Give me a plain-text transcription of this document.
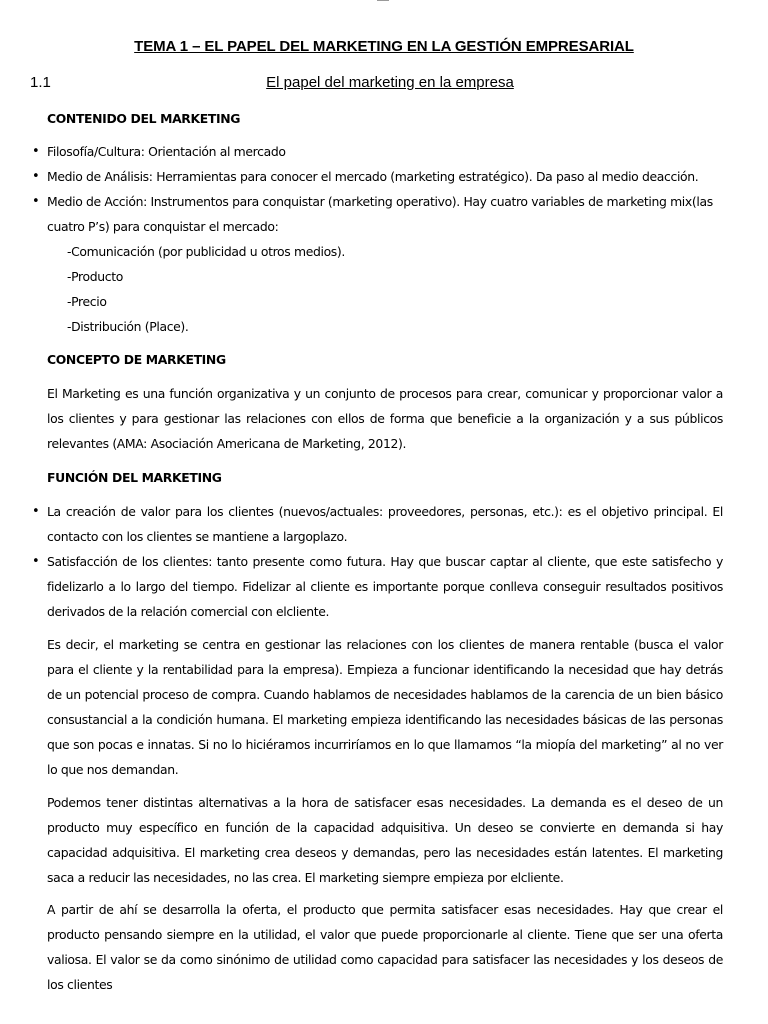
TEMA 1 – EL PAPEL DEL MARKETING EN LA GESTIÓN EMPRESARIAL
1.1	El papel del marketing en la empresa

CONTENIDO DEL MARKETING

• Filosofía/Cultura: Orientación al mercado
• Medio de Análisis: Herramientas para conocer el mercado (marketing estratégico). Da paso al medio deacción.
• Medio de Acción: Instrumentos para conquistar (marketing operativo). Hay cuatro variables de marketing mix(las cuatro P’s) para conquistar el mercado:

-Comunicación (por publicidad u otros medios).

-Producto

-Precio

-Distribución (Place).

CONCEPTO DE MARKETING

El Marketing es una función organizativa y un conjunto de procesos para crear, comunicar y proporcionar valor a los clientes y para gestionar las relaciones con ellos de forma que beneficie a la organización y a sus públicos relevantes (AMA: Asociación Americana de Marketing, 2012).

FUNCIÓN DEL MARKETING

• La creación de valor para los clientes (nuevos/actuales: proveedores, personas, etc.): es el objetivo principal. El contacto con los clientes se mantiene a largoplazo.
• Satisfacción de los clientes: tanto presente como futura. Hay que buscar captar al cliente, que este satisfecho y fidelizarlo a lo largo del tiempo. Fidelizar al cliente es importante porque conlleva conseguir resultados positivos derivados de la relación comercial con elcliente.

Es decir, el marketing se centra en gestionar las relaciones con los clientes de manera rentable (busca el valor para el cliente y la rentabilidad para la empresa). Empieza a funcionar identificando la necesidad que hay detrás de un potencial proceso de compra. Cuando hablamos de necesidades hablamos de la carencia de un bien básico consustancial a la condición humana. El marketing empieza identificando las necesidades básicas de las personas que son pocas e innatas. Si no lo hiciéramos incurriríamos en lo que llamamos “la miopía del marketing” al no ver lo que nos demandan.

Podemos tener distintas alternativas a la hora de satisfacer esas necesidades. La demanda es el deseo de un producto muy específico en función de la capacidad adquisitiva. Un deseo se convierte en demanda si hay capacidad adquisitiva. El marketing crea deseos y demandas, pero las necesidades están latentes. El marketing saca a reducir las necesidades, no las crea. El marketing siempre empieza por elcliente.

A partir de ahí se desarrolla la oferta, el producto que permita satisfacer esas necesidades. Hay que crear el producto pensando siempre en la utilidad, el valor que puede proporcionarle al cliente. Tiene que ser una oferta valiosa. El valor se da como sinónimo de utilidad como capacidad para satisfacer las necesidades y los deseos de los clientes
